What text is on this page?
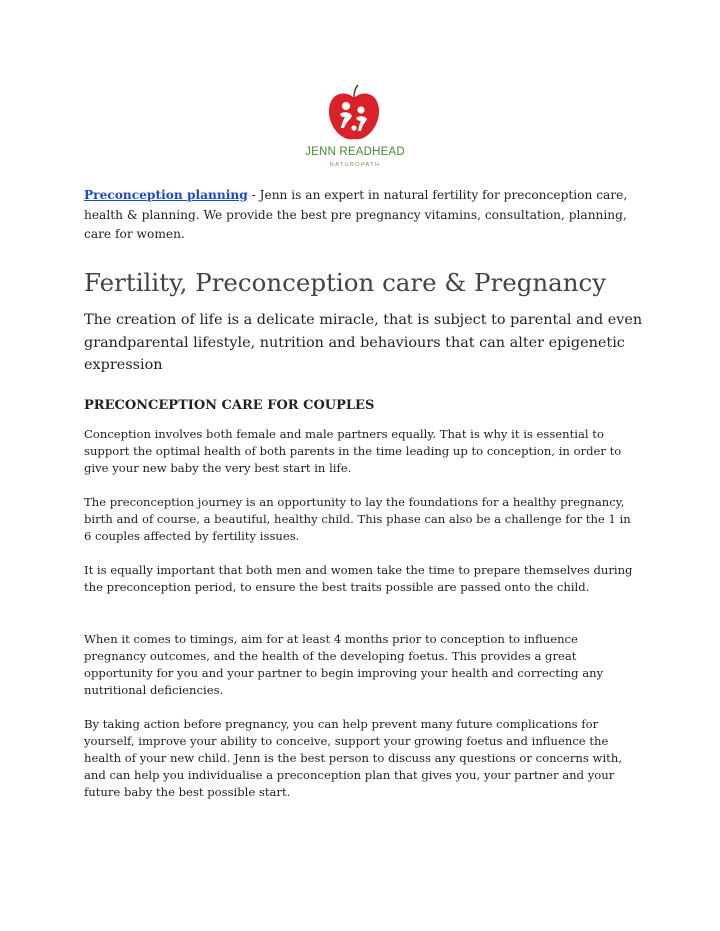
JENN READHEAD
NATUROPATH

Preconception planning - Jenn is an expert in natural fertility for preconception care, health & planning. We provide the best pre pregnancy vitamins, consultation, planning, care for women.

Fertility, Preconception care & Pregnancy

The creation of life is a delicate miracle, that is subject to parental and even grandparental lifestyle, nutrition and behaviours that can alter epigenetic expression

PRECONCEPTION CARE FOR COUPLES

Conception involves both female and male partners equally. That is why it is essential to support the optimal health of both parents in the time leading up to conception, in order to give your new baby the very best start in life.

The preconception journey is an opportunity to lay the foundations for a healthy pregnancy, birth and of course, a beautiful, healthy child. This phase can also be a challenge for the 1 in 6 couples affected by fertility issues.

It is equally important that both men and women take the time to prepare themselves during the preconception period, to ensure the best traits possible are passed onto the child.

When it comes to timings, aim for at least 4 months prior to conception to influence pregnancy outcomes, and the health of the developing foetus. This provides a great opportunity for you and your partner to begin improving your health and correcting any nutritional deficiencies.

By taking action before pregnancy, you can help prevent many future complications for yourself, improve your ability to conceive, support your growing foetus and influence the health of your new child. Jenn is the best person to discuss any questions or concerns with, and can help you individualise a preconception plan that gives you, your partner and your future baby the best possible start.
